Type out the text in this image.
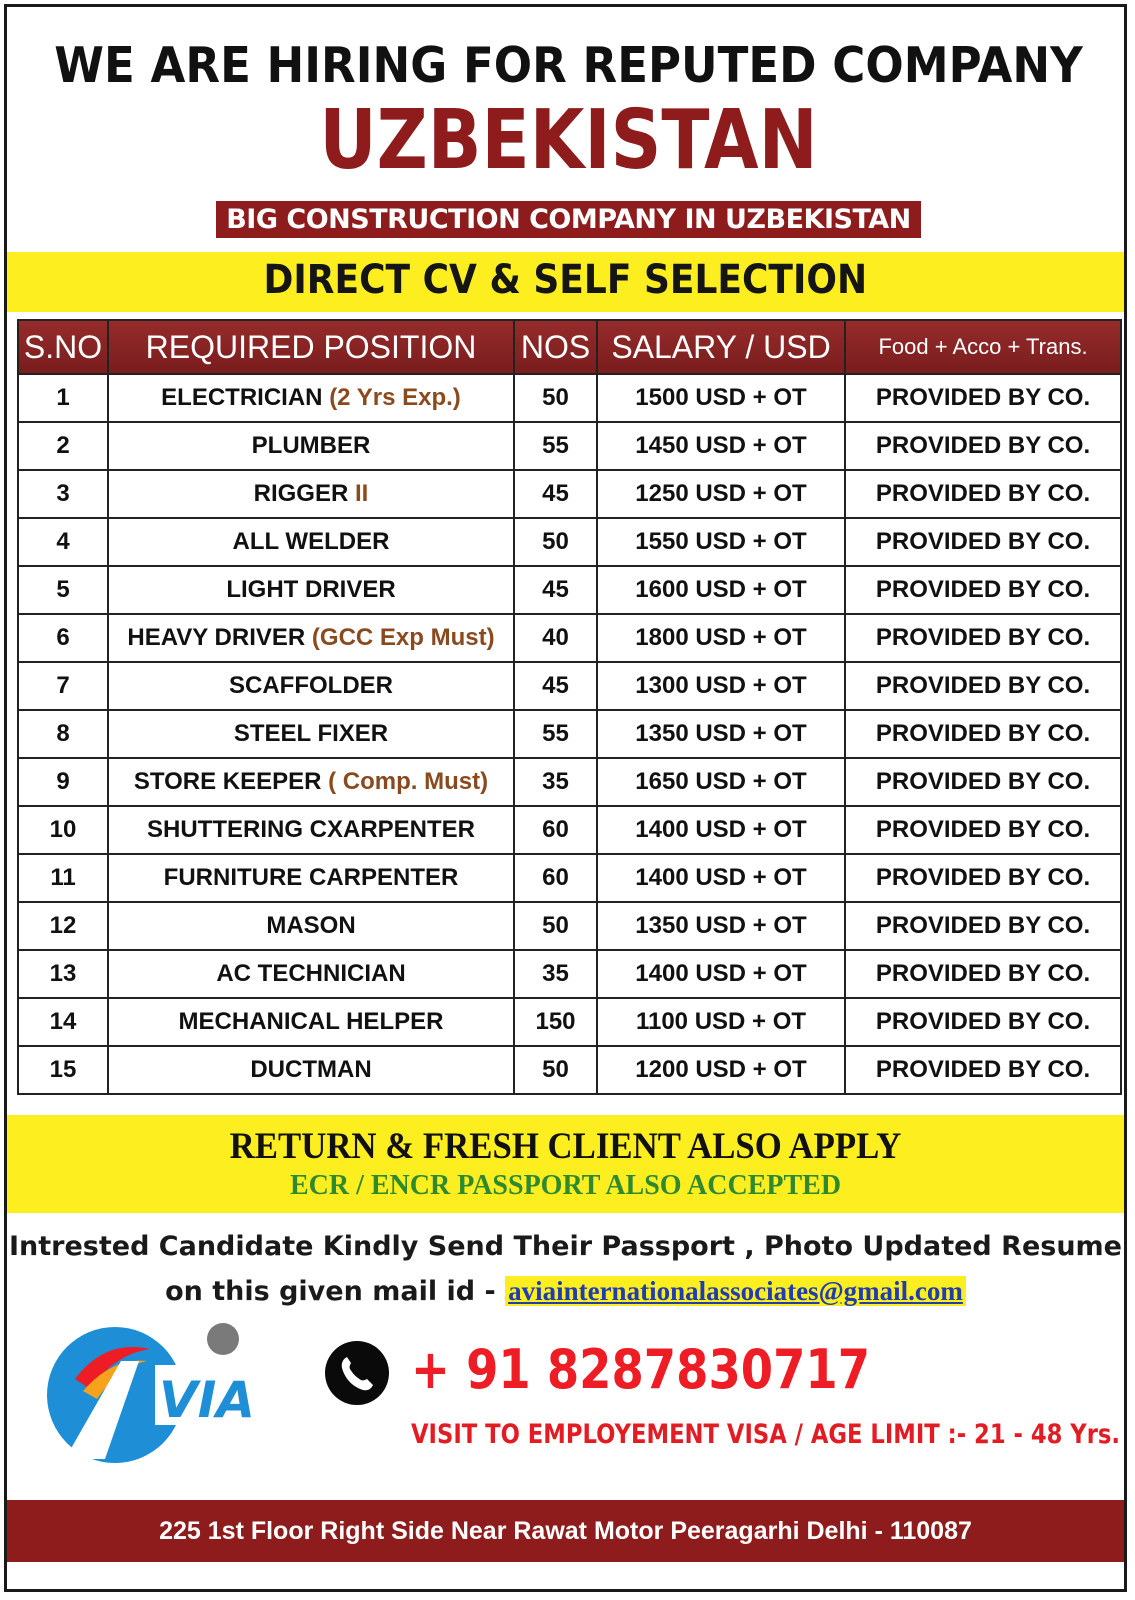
WE ARE HIRING FOR REPUTED COMPANY
UZBEKISTAN
BIG CONSTRUCTION COMPANY IN UZBEKISTAN
DIRECT CV & SELF SELECTION
S.NO	REQUIRED POSITION	NOS	SALARY / USD	Food + Acco + Trans.
1	ELECTRICIAN (2 Yrs Exp.)	50	1500 USD + OT	PROVIDED BY CO.
2	PLUMBER	55	1450 USD + OT	PROVIDED BY CO.
3	RIGGER II	45	1250 USD + OT	PROVIDED BY CO.
4	ALL WELDER	50	1550 USD + OT	PROVIDED BY CO.
5	LIGHT DRIVER	45	1600 USD + OT	PROVIDED BY CO.
6	HEAVY DRIVER (GCC Exp Must)	40	1800 USD + OT	PROVIDED BY CO.
7	SCAFFOLDER	45	1300 USD + OT	PROVIDED BY CO.
8	STEEL FIXER	55	1350 USD + OT	PROVIDED BY CO.
9	STORE KEEPER ( Comp. Must)	35	1650 USD + OT	PROVIDED BY CO.
10	SHUTTERING CXARPENTER	60	1400 USD + OT	PROVIDED BY CO.
11	FURNITURE CARPENTER	60	1400 USD + OT	PROVIDED BY CO.
12	MASON	50	1350 USD + OT	PROVIDED BY CO.
13	AC TECHNICIAN	35	1400 USD + OT	PROVIDED BY CO.
14	MECHANICAL HELPER	150	1100 USD + OT	PROVIDED BY CO.
15	DUCTMAN	50	1200 USD + OT	PROVIDED BY CO.
RETURN & FRESH CLIENT ALSO APPLY
ECR / ENCR PASSPORT ALSO ACCEPTED
Intrested Candidate Kindly Send Their Passport , Photo Updated Resume
on this given mail id - aviainternationalassociates@gmail.com
VIA	+ 91 8287830717
VISIT TO EMPLOYEMENT VISA / AGE LIMIT :- 21 - 48 Yrs.
225 1st Floor Right Side Near Rawat Motor Peeragarhi Delhi - 110087
